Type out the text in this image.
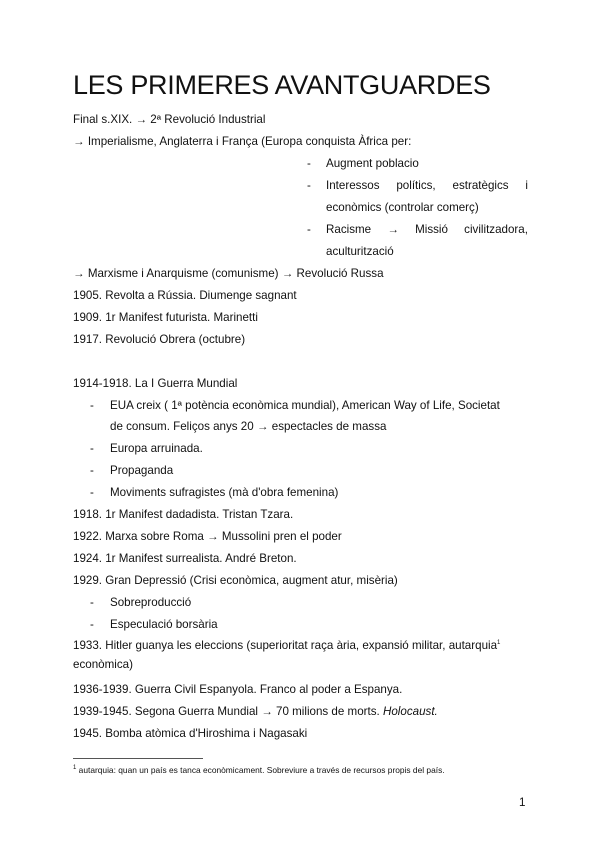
LES PRIMERES AVANTGUARDES
Final s.XIX. → 2ª Revolució Industrial
→ Imperialisme, Anglaterra i França (Europa conquista Àfrica per:
- Augment poblacio
- Interessos polítics, estratègics i
econòmics (controlar comerç)
- Racisme → Missió civilitzadora,
aculturització
→ Marxisme i Anarquisme (comunisme) → Revolució Russa
1905. Revolta a Rússia. Diumenge sagnant
1909. 1r Manifest futurista. Marinetti
1917. Revolució Obrera (octubre)
1914-1918. La I Guerra Mundial
- EUA creix ( 1ª potència econòmica mundial), American Way of Life, Societat
de consum. Feliços anys 20 → espectacles de massa
- Europa arruinada.
- Propaganda
- Moviments sufragistes (mà d'obra femenina)
1918. 1r Manifest dadadista. Tristan Tzara.
1922. Marxa sobre Roma → Mussolini pren el poder
1924. 1r Manifest surrealista. André Breton.
1929. Gran Depressió (Crisi econòmica, augment atur, misèria)
- Sobreproducció
- Especulació borsària
1933. Hitler guanya les eleccions (superioritat raça ària, expansió militar, autarquia$^1$
econòmica)
1936-1939. Guerra Civil Espanyola. Franco al poder a Espanya.
1939-1945. Segona Guerra Mundial → 70 milions de morts. Holocaust.
1945. Bomba atòmica d'Hiroshima i Nagasaki
$^1$ autarquia: quan un país es tanca econòmicament. Sobreviure a través de recursos propis del país.
1
